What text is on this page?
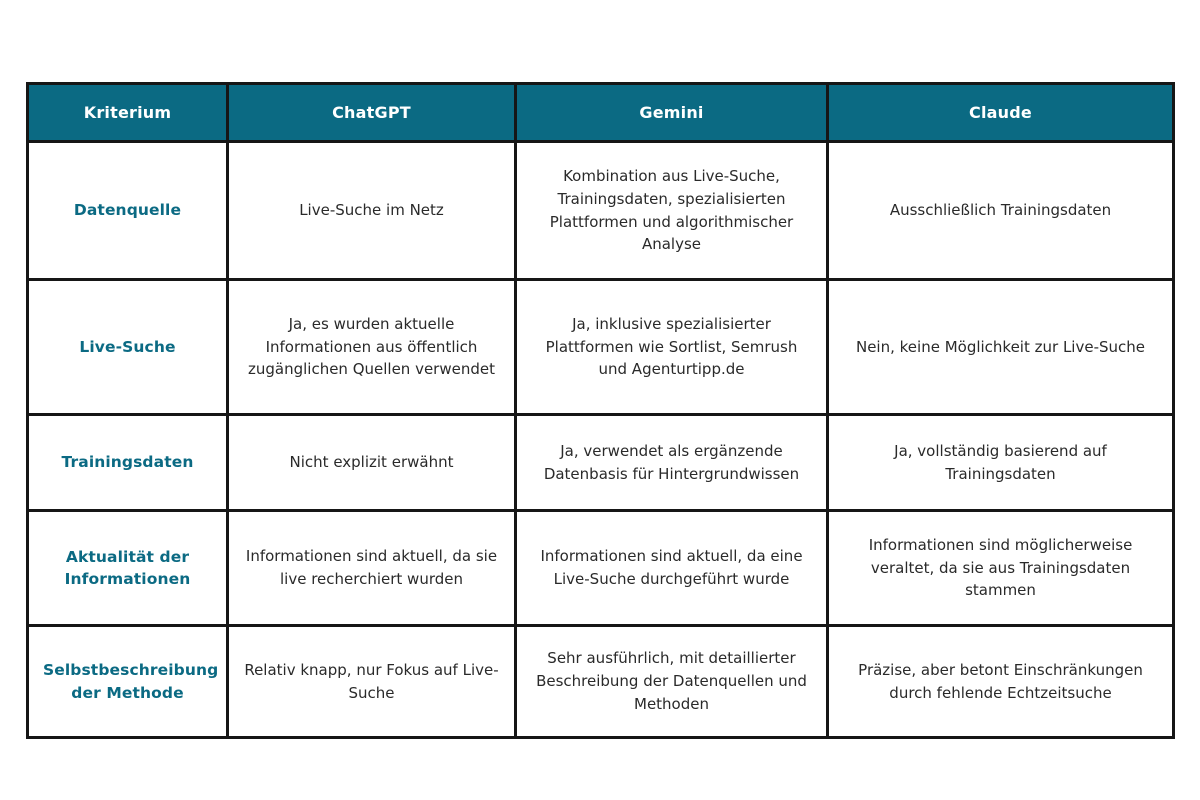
Kriterium	ChatGPT	Gemini	Claude
Datenquelle	Live-Suche im Netz	Kombination aus Live-Suche, Trainingsdaten, spezialisierten Plattformen und algorithmischer Analyse	Ausschließlich Trainingsdaten
Live-Suche	Ja, es wurden aktuelle Informationen aus öffentlich zugänglichen Quellen verwendet	Ja, inklusive spezialisierter Plattformen wie Sortlist, Semrush und Agenturtipp.de	Nein, keine Möglichkeit zur Live-Suche
Trainingsdaten	Nicht explizit erwähnt	Ja, verwendet als ergänzende Datenbasis für Hintergrundwissen	Ja, vollständig basierend auf Trainingsdaten
Aktualität der Informationen	Informationen sind aktuell, da sie live recherchiert wurden	Informationen sind aktuell, da eine Live-Suche durchgeführt wurde	Informationen sind möglicherweise veraltet, da sie aus Trainingsdaten stammen
Selbstbeschreibung der Methode	Relativ knapp, nur Fokus auf Live-Suche	Sehr ausführlich, mit detaillierter Beschreibung der Datenquellen und Methoden	Präzise, aber betont Einschränkungen durch fehlende Echtzeitsuche
